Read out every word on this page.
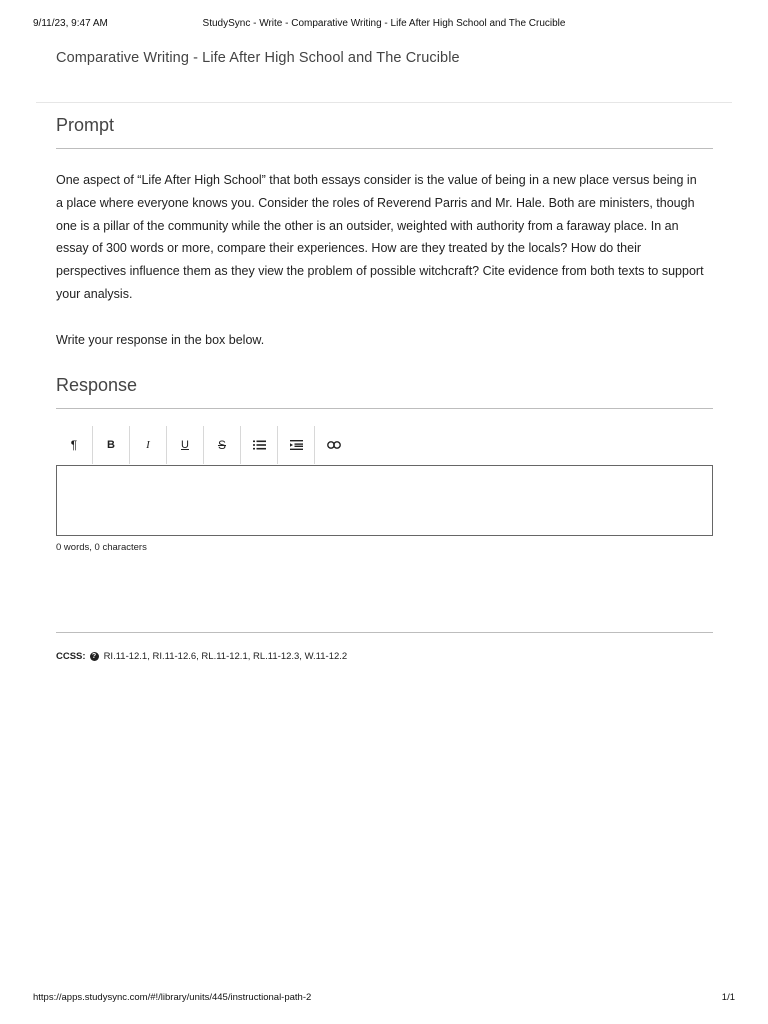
9/11/23, 9:47 AM	StudySync - Write - Comparative Writing - Life After High School and The Crucible
Comparative Writing - Life After High School and The Crucible
Prompt

One aspect of “Life After High School” that both essays consider is the value of being in a new place versus being in a place where everyone knows you. Consider the roles of Reverend Parris and Mr. Hale. Both are ministers, though one is a pillar of the community while the other is an outsider, weighted with authority from a faraway place. In an essay of 300 words or more, compare their experiences. How are they treated by the locals? How do their perspectives influence them as they view the problem of possible witchcraft? Cite evidence from both texts to support your analysis.

Write your response in the box below.
Response
¶	B	I	U S
0 words, 0 characters
CCSS: ? RI.11-12.1, RI.11-12.6, RL.11-12.1, RL.11-12.3, W.11-12.2
https://apps.studysync.com/#!/library/units/445/instructional-path-2	1/1
